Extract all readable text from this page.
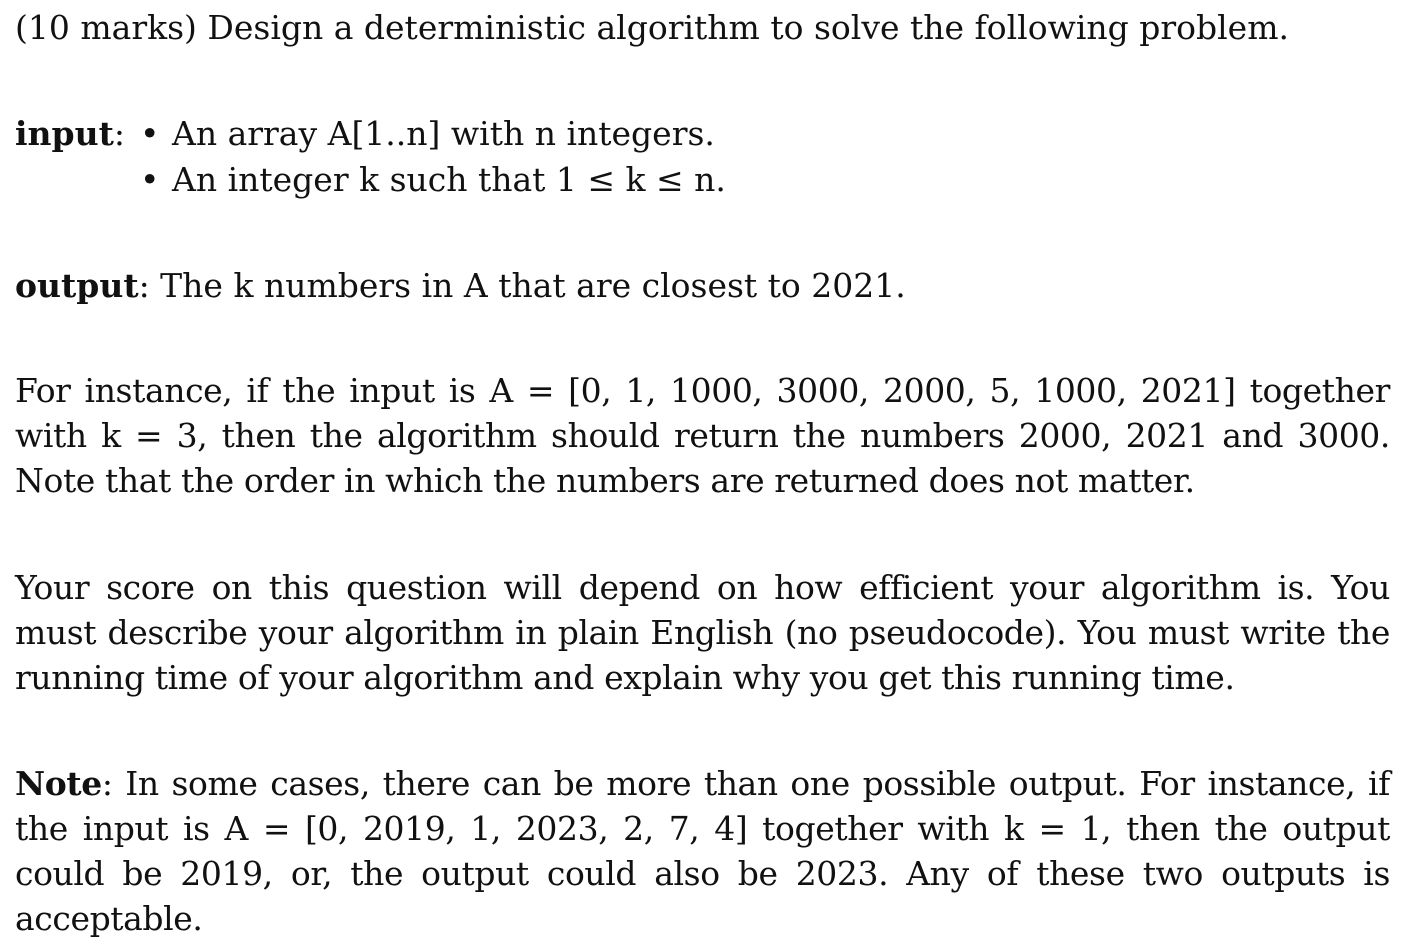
(10 marks) Design a deterministic algorithm to solve the following problem.
input: • An array A[1..n] with n integers.
• An integer k such that 1 ≤ k ≤ n.
output: The k numbers in A that are closest to 2021.
For instance, if the input is A = [0, 1, 1000, 3000, 2000, 5, 1000, 2021] together with k = 3, then the algorithm should return the numbers 2000, 2021 and 3000. Note that the order in which the numbers are returned does not matter.
Your score on this question will depend on how efficient your algorithm is. You must describe your algorithm in plain English (no pseudocode). You must write the running time of your algorithm and explain why you get this running time.
Note: In some cases, there can be more than one possible output. For instance, if the input is A = [0, 2019, 1, 2023, 2, 7, 4] together with k = 1, then the output could be 2019, or, the output could also be 2023. Any of these two outputs is acceptable.
